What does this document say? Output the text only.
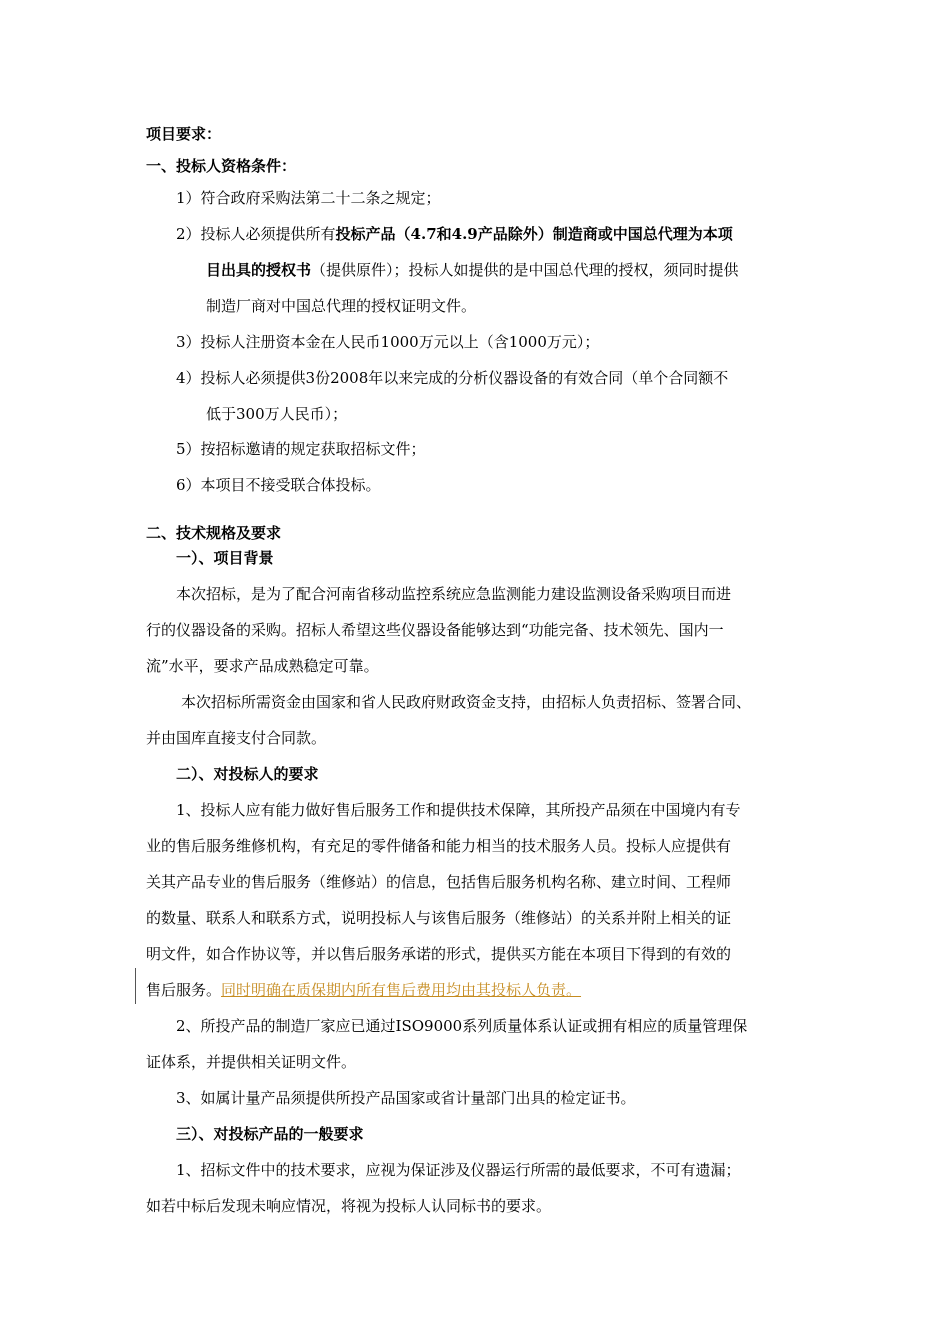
项目要求：
一、投标人资格条件：
1）符合政府采购法第二十二条之规定；
2）投标人必须提供所有投标产品（4.7和4.9产品除外）制造商或中国总代理为本项
目出具的授权书（提供原件）；投标人如提供的是中国总代理的授权，须同时提供
制造厂商对中国总代理的授权证明文件。
3）投标人注册资本金在人民币1000万元以上（含1000万元）；
4）投标人必须提供3份2008年以来完成的分析仪器设备的有效合同（单个合同额不
低于300万人民币）；
5）按招标邀请的规定获取招标文件；
6）本项目不接受联合体投标。
二、技术规格及要求
一）、项目背景
本次招标，是为了配合河南省移动监控系统应急监测能力建设监测设备采购项目而进
行的仪器设备的采购。招标人希望这些仪器设备能够达到“功能完备、技术领先、国内一
流”水平，要求产品成熟稳定可靠。
本次招标所需资金由国家和省人民政府财政资金支持，由招标人负责招标、签署合同、
并由国库直接支付合同款。
二）、对投标人的要求
1、投标人应有能力做好售后服务工作和提供技术保障，其所投产品须在中国境内有专
业的售后服务维修机构，有充足的零件储备和能力相当的技术服务人员。投标人应提供有
关其产品专业的售后服务（维修站）的信息，包括售后服务机构名称、建立时间、工程师
的数量、联系人和联系方式，说明投标人与该售后服务（维修站）的关系并附上相关的证
明文件，如合作协议等，并以售后服务承诺的形式，提供买方能在本项目下得到的有效的
售后服务。同时明确在质保期内所有售后费用均由其投标人负责。
2、所投产品的制造厂家应已通过ISO9000系列质量体系认证或拥有相应的质量管理保
证体系，并提供相关证明文件。
3、如属计量产品须提供所投产品国家或省计量部门出具的检定证书。
三）、对投标产品的一般要求
1、招标文件中的技术要求，应视为保证涉及仪器运行所需的最低要求，不可有遗漏；
如若中标后发现未响应情况，将视为投标人认同标书的要求。
